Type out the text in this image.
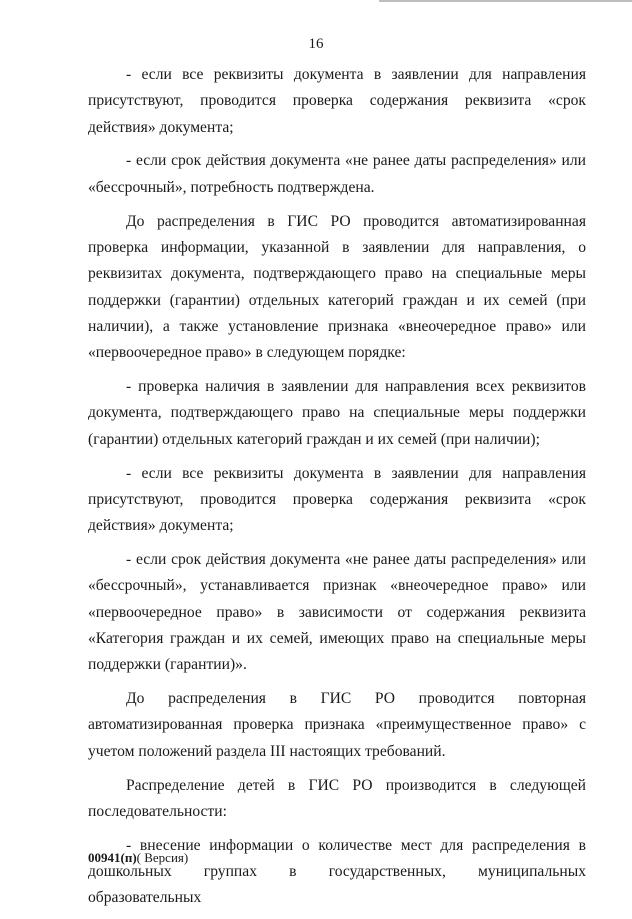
16

- если все реквизиты документа в заявлении для направления присутствуют, проводится проверка содержания реквизита «срок действия» документа;

- если срок действия документа «не ранее даты распределения» или «бессрочный», потребность подтверждена.

До распределения в ГИС РО проводится автоматизированная проверка информации, указанной в заявлении для направления, о реквизитах документа, подтверждающего право на специальные меры поддержки (гарантии) отдельных категорий граждан и их семей (при наличии), а также установление признака «внеочередное право» или «первоочередное право» в следующем порядке:

- проверка наличия в заявлении для направления всех реквизитов документа, подтверждающего право на специальные меры поддержки (гарантии) отдельных категорий граждан и их семей (при наличии);

- если все реквизиты документа в заявлении для направления присутствуют, проводится проверка содержания реквизита «срок действия» документа;

- если срок действия документа «не ранее даты распределения» или «бессрочный», устанавливается признак «внеочередное право» или «первоочередное право» в зависимости от содержания реквизита «Категория граждан и их семей, имеющих право на специальные меры поддержки (гарантии)».

До распределения в ГИС РО проводится повторная автоматизированная проверка признака «преимущественное право» с учетом положений раздела III настоящих требований.

Распределение детей в ГИС РО производится в следующей последовательности:

- внесение информации о количестве мест для распределения в дошкольных группах в государственных, муниципальных образовательных

00941(п)( Версия)
